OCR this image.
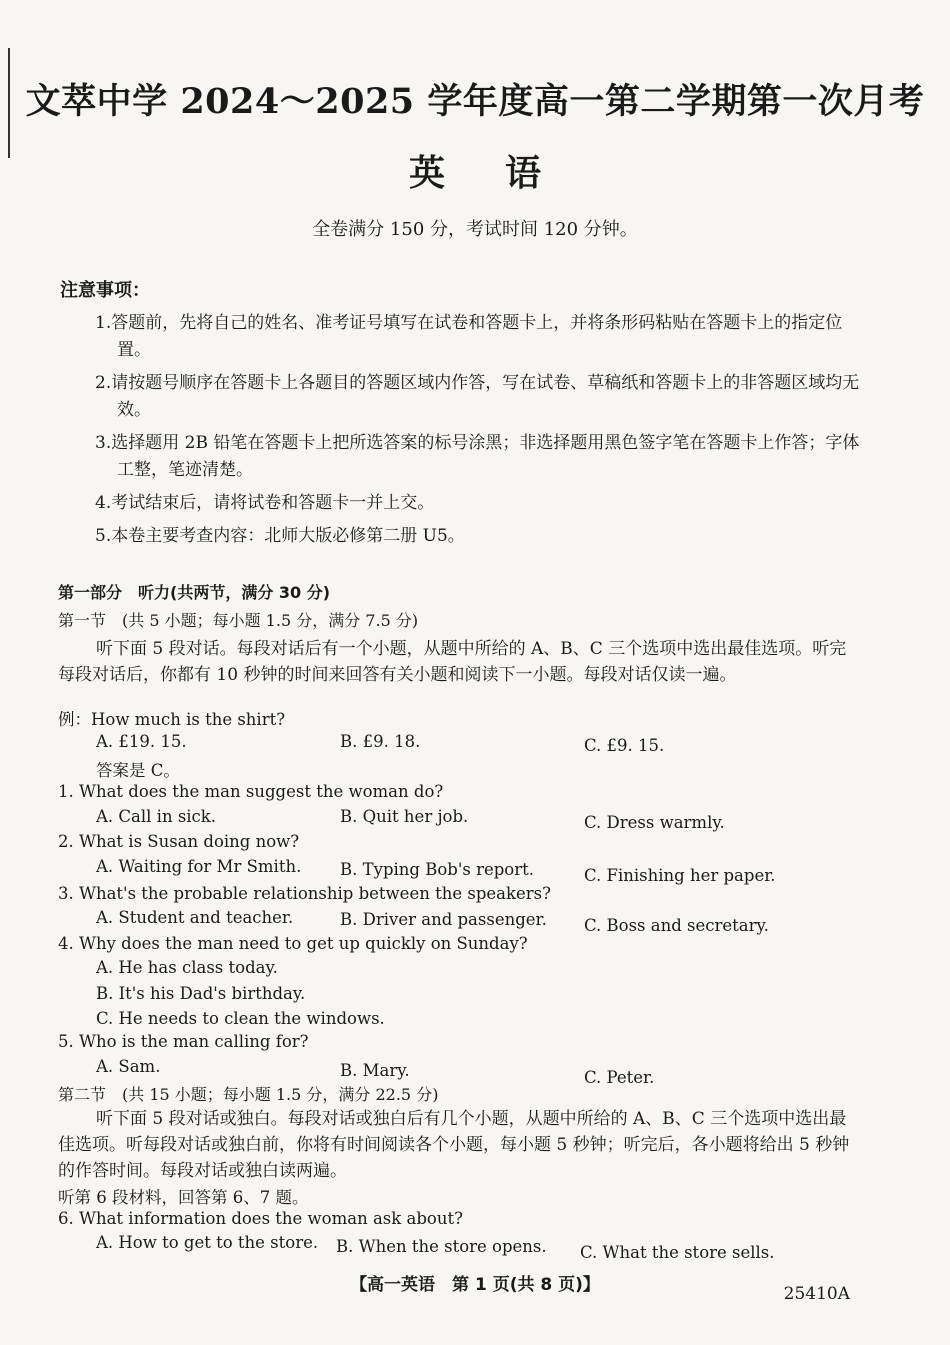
文萃中学 2024～2025 学年度高一第二学期第一次月考
英语
全卷满分 150 分，考试时间 120 分钟。
注意事项：
1.答题前，先将自己的姓名、准考证号填写在试卷和答题卡上，并将条形码粘贴在答题卡上的指定位置。
2.请按题号顺序在答题卡上各题目的答题区域内作答，写在试卷、草稿纸和答题卡上的非答题区域均无效。
3.选择题用 2B 铅笔在答题卡上把所选答案的标号涂黑；非选择题用黑色签字笔在答题卡上作答；字体工整，笔迹清楚。
4.考试结束后，请将试卷和答题卡一并上交。
5.本卷主要考查内容：北师大版必修第二册 U5。
第一部分　听力(共两节，满分 30 分)
第一节　(共 5 小题；每小题 1.5 分，满分 7.5 分)
听下面 5 段对话。每段对话后有一个小题，从题中所给的 A、B、C 三个选项中选出最佳选项。听完每段对话后，你都有 10 秒钟的时间来回答有关小题和阅读下一小题。每段对话仅读一遍。
例：How much is the shirt?
A. £19. 15.	B. £9. 18.	C. £9. 15.
答案是 C。
1. What does the man suggest the woman do?
A. Call in sick.	B. Quit her job.	C. Dress warmly.
2. What is Susan doing now?
A. Waiting for Mr Smith. B. Typing Bob's report.	C. Finishing her paper.
3. What's the probable relationship between the speakers?
A. Student and teacher.	B. Driver and passenger. C. Boss and secretary.
4. Why does the man need to get up quickly on Sunday?
A. He has class today.
B. It's his Dad's birthday.
C. He needs to clean the windows.
5. Who is the man calling for?
A. Sam.	B. Mary.	C. Peter.
第二节　(共 15 小题；每小题 1.5 分，满分 22.5 分)
听下面 5 段对话或独白。每段对话或独白后有几个小题，从题中所给的 A、B、C 三个选项中选出最佳选项。听每段对话或独白前，你将有时间阅读各个小题，每小题 5 秒钟；听完后，各小题将给出 5 秒钟的作答时间。每段对话或独白读两遍。
听第 6 段材料，回答第 6、7 题。
6. What information does the woman ask about?
A. How to get to the store. B. When the store opens. C. What the store sells.
【高一英语　第 1 页(共 8 页)】	25410A
